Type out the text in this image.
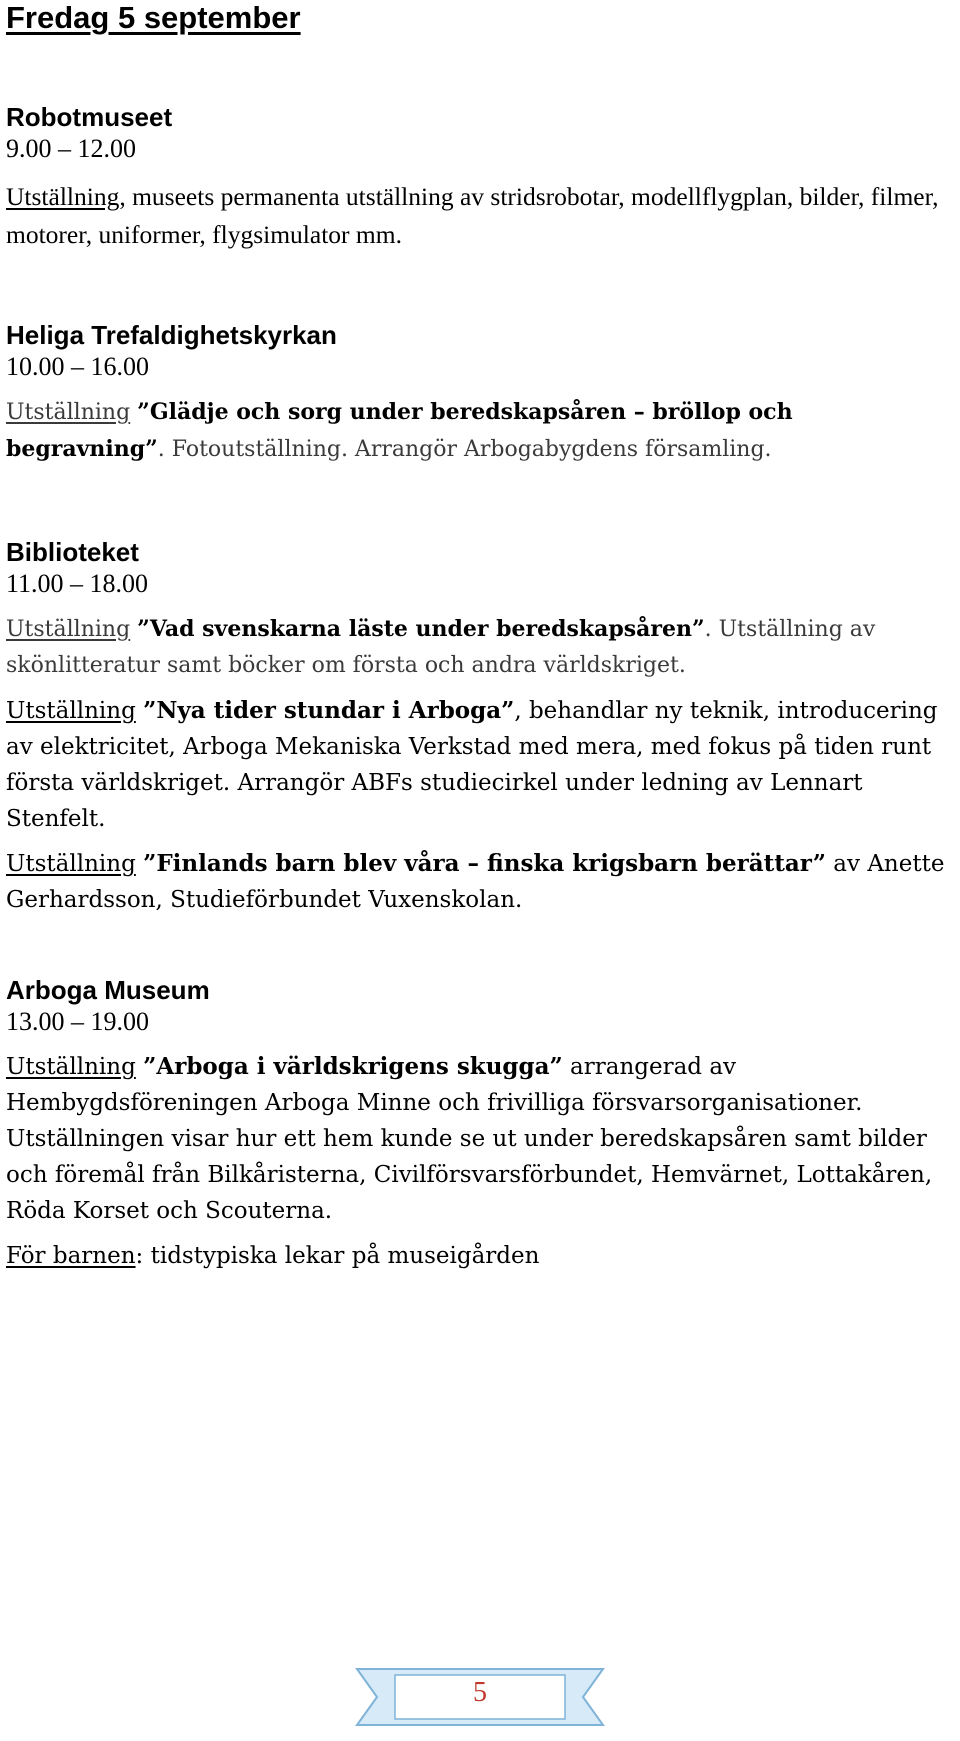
Fredag 5 september

Robotmuseet

9.00 – 12.00

Utställning, museets permanenta utställning av stridsrobotar, modellflygplan, bilder, filmer, motorer, uniformer, flygsimulator mm.

Heliga Trefaldighetskyrkan

10.00 – 16.00

Utställning ”Glädje och sorg under beredskapsåren – bröllop och begravning”. Fotoutställning. Arrangör Arbogabygdens församling.

Biblioteket

11.00 – 18.00

Utställning ”Vad svenskarna läste under beredskapsåren”. Utställning av skönlitteratur samt böcker om första och andra världskriget.

Utställning ”Nya tider stundar i Arboga”, behandlar ny teknik, introducering av elektricitet, Arboga Mekaniska Verkstad med mera, med fokus på tiden runt första världskriget. Arrangör ABFs studiecirkel under ledning av Lennart Stenfelt.

Utställning ”Finlands barn blev våra – finska krigsbarn berättar” av Anette Gerhardsson, Studieförbundet Vuxenskolan.

Arboga Museum

13.00 – 19.00

Utställning ”Arboga i världskrigens skugga” arrangerad av Hembygdsföreningen Arboga Minne och frivilliga försvarsorganisationer. Utställningen visar hur ett hem kunde se ut under beredskapsåren samt bilder och föremål från Bilkåristerna, Civilförsvarsförbundet, Hemvärnet, Lottakåren, Röda Korset och Scouterna.

För barnen: tidstypiska lekar på museigården

5
